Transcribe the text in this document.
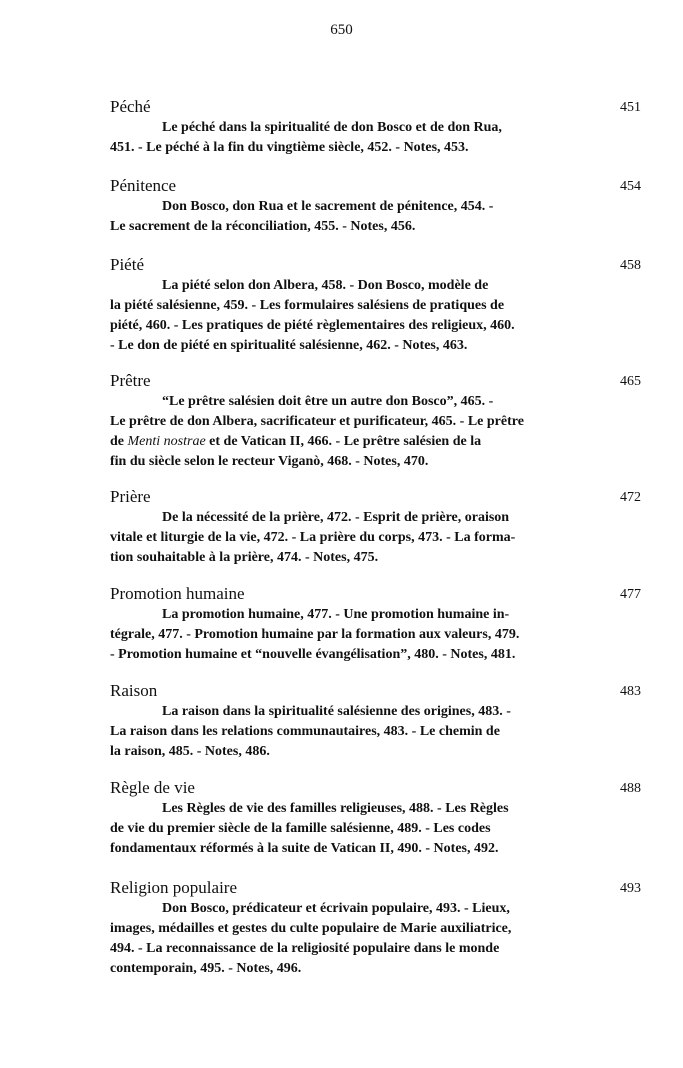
650
Péché	451
Le péché dans la spiritualité de don Bosco et de don Rua,
451. - Le péché à la fin du vingtième siècle, 452. - Notes, 453.
Pénitence	454
Don Bosco, don Rua et le sacrement de pénitence, 454. -
Le sacrement de la réconciliation, 455. - Notes, 456.
Piété	458
La piété selon don Albera, 458. - Don Bosco, modèle de
la piété salésienne, 459. - Les formulaires salésiens de pratiques de
piété, 460. - Les pratiques de piété règlementaires des religieux, 460.
- Le don de piété en spiritualité salésienne, 462. - Notes, 463.
Prêtre	465
“Le prêtre salésien doit être un autre don Bosco”, 465. -
Le prêtre de don Albera, sacrificateur et purificateur, 465. - Le prêtre
de Menti nostrae et de Vatican II, 466. - Le prêtre salésien de la
fin du siècle selon le recteur Viganò, 468. - Notes, 470.
Prière	472
De la nécessité de la prière, 472. - Esprit de prière, oraison
vitale et liturgie de la vie, 472. - La prière du corps, 473. - La forma-
tion souhaitable à la prière, 474. - Notes, 475.
Promotion humaine	477
La promotion humaine, 477. - Une promotion humaine in-
tégrale, 477. - Promotion humaine par la formation aux valeurs, 479.
- Promotion humaine et “nouvelle évangélisation”, 480. - Notes, 481.
Raison	483
La raison dans la spiritualité salésienne des origines, 483. -
La raison dans les relations communautaires, 483. - Le chemin de
la raison, 485. - Notes, 486.
Règle de vie	488
Les Règles de vie des familles religieuses, 488. - Les Règles
de vie du premier siècle de la famille salésienne, 489. - Les codes
fondamentaux réformés à la suite de Vatican II, 490. - Notes, 492.
Religion populaire	493
Don Bosco, prédicateur et écrivain populaire, 493. - Lieux,
images, médailles et gestes du culte populaire de Marie auxiliatrice,
494. - La reconnaissance de la religiosité populaire dans le monde
contemporain, 495. - Notes, 496.
